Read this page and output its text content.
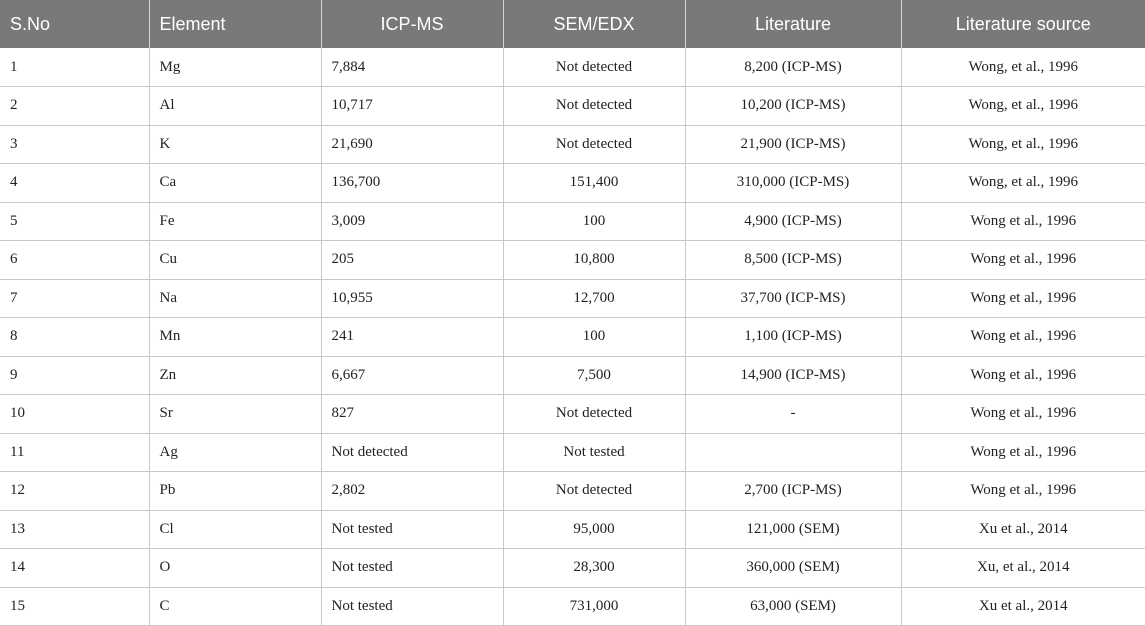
S.No	Element	ICP-MS	SEM/EDX	Literature	Literature source
1	Mg	7,884	Not detected	8,200 (ICP-MS)	Wong, et al., 1996
2	Al	10,717	Not detected	10,200 (ICP-MS)	Wong, et al., 1996
3	K	21,690	Not detected	21,900 (ICP-MS)	Wong, et al., 1996
4	Ca	136,700	151,400	310,000 (ICP-MS)	Wong, et al., 1996
5	Fe	3,009	100	4,900 (ICP-MS)	Wong et al., 1996
6	Cu	205	10,800	8,500 (ICP-MS)	Wong et al., 1996
7	Na	10,955	12,700	37,700 (ICP-MS)	Wong et al., 1996
8	Mn	241	100	1,100 (ICP-MS)	Wong et al., 1996
9	Zn	6,667	7,500	14,900 (ICP-MS)	Wong et al., 1996
10	Sr	827	Not detected	-	Wong et al., 1996
11	Ag	Not detected	Not tested		Wong et al., 1996
12	Pb	2,802	Not detected	2,700 (ICP-MS)	Wong et al., 1996
13	Cl	Not tested	95,000	121,000 (SEM)	Xu et al., 2014
14	O	Not tested	28,300	360,000 (SEM)	Xu, et al., 2014
15	C	Not tested	731,000	63,000 (SEM)	Xu et al., 2014
